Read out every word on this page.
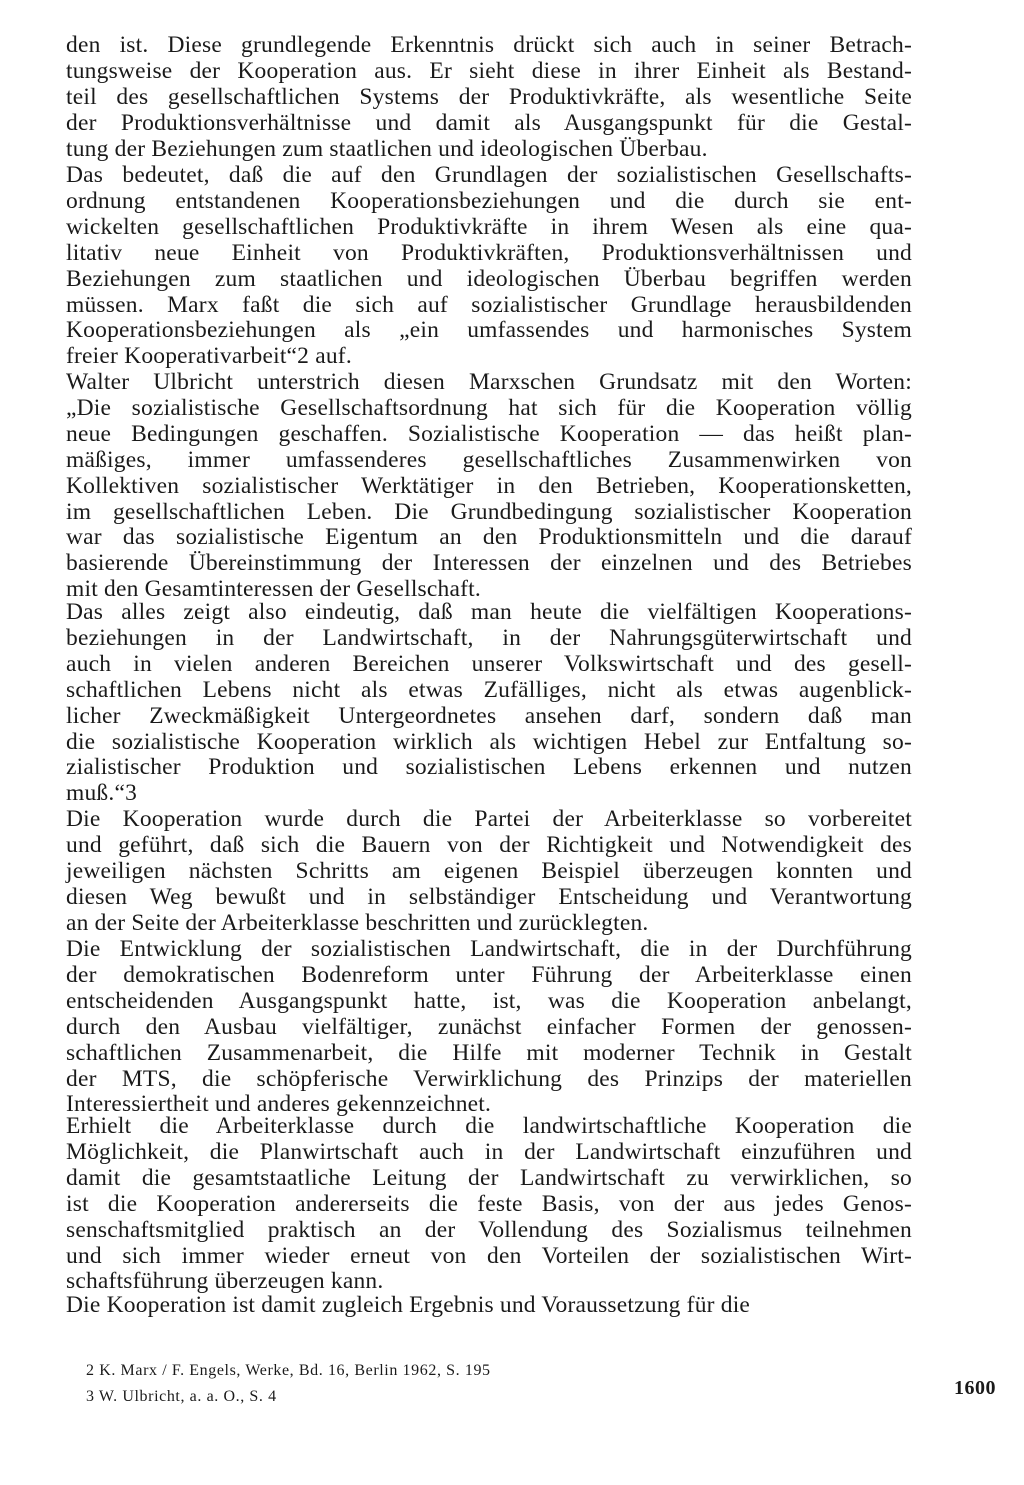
den ist. Diese grundlegende Erkenntnis drückt sich auch in seiner Betrach-
tungsweise der Kooperation aus. Er sieht diese in ihrer Einheit als Bestand-
teil des gesellschaftlichen Systems der Produktivkräfte, als wesentliche Seite
der Produktionsverhältnisse und damit als Ausgangspunkt für die Gestal-
tung der Beziehungen zum staatlichen und ideologischen Überbau.
Das bedeutet, daß die auf den Grundlagen der sozialistischen Gesellschafts-
ordnung entstandenen Kooperationsbeziehungen und die durch sie ent-
wickelten gesellschaftlichen Produktivkräfte in ihrem Wesen als eine qua-
litativ neue Einheit von Produktivkräften, Produktionsverhältnissen und
Beziehungen zum staatlichen und ideologischen Überbau begriffen werden
müssen. Marx faßt die sich auf sozialistischer Grundlage herausbildenden
Kooperationsbeziehungen als „ein umfassendes und harmonisches System
freier Kooperativarbeit“2 auf.
Walter Ulbricht unterstrich diesen Marxschen Grundsatz mit den Worten:
„Die sozialistische Gesellschaftsordnung hat sich für die Kooperation völlig
neue Bedingungen geschaffen. Sozialistische Kooperation — das heißt plan-
mäßiges, immer umfassenderes gesellschaftliches Zusammenwirken von
Kollektiven sozialistischer Werktätiger in den Betrieben, Kooperationsketten,
im gesellschaftlichen Leben. Die Grundbedingung sozialistischer Kooperation
war das sozialistische Eigentum an den Produktionsmitteln und die darauf
basierende Übereinstimmung der Interessen der einzelnen und des Betriebes
mit den Gesamtinteressen der Gesellschaft.
Das alles zeigt also eindeutig, daß man heute die vielfältigen Kooperations-
beziehungen in der Landwirtschaft, in der Nahrungsgüterwirtschaft und
auch in vielen anderen Bereichen unserer Volkswirtschaft und des gesell-
schaftlichen Lebens nicht als etwas Zufälliges, nicht als etwas augenblick-
licher Zweckmäßigkeit Untergeordnetes ansehen darf, sondern daß man
die sozialistische Kooperation wirklich als wichtigen Hebel zur Entfaltung so-
zialistischer Produktion und sozialistischen Lebens erkennen und nutzen
muß.“3
Die Kooperation wurde durch die Partei der Arbeiterklasse so vorbereitet
und geführt, daß sich die Bauern von der Richtigkeit und Notwendigkeit des
jeweiligen nächsten Schritts am eigenen Beispiel überzeugen konnten und
diesen Weg bewußt und in selbständiger Entscheidung und Verantwortung
an der Seite der Arbeiterklasse beschritten und zurücklegten.
Die Entwicklung der sozialistischen Landwirtschaft, die in der Durchführung
der demokratischen Bodenreform unter Führung der Arbeiterklasse einen
entscheidenden Ausgangspunkt hatte, ist, was die Kooperation anbelangt,
durch den Ausbau vielfältiger, zunächst einfacher Formen der genossen-
schaftlichen Zusammenarbeit, die Hilfe mit moderner Technik in Gestalt
der MTS, die schöpferische Verwirklichung des Prinzips der materiellen
Interessiertheit und anderes gekennzeichnet.
Erhielt die Arbeiterklasse durch die landwirtschaftliche Kooperation die
Möglichkeit, die Planwirtschaft auch in der Landwirtschaft einzuführen und
damit die gesamtstaatliche Leitung der Landwirtschaft zu verwirklichen, so
ist die Kooperation andererseits die feste Basis, von der aus jedes Genos-
senschaftsmitglied praktisch an der Vollendung des Sozialismus teilnehmen
und sich immer wieder erneut von den Vorteilen der sozialistischen Wirt-
schaftsführung überzeugen kann.
Die Kooperation ist damit zugleich Ergebnis und Voraussetzung für die
2 K. Marx / F. Engels, Werke, Bd. 16, Berlin 1962, S. 195
3 W. Ulbricht, a. a. O., S. 4	1600
